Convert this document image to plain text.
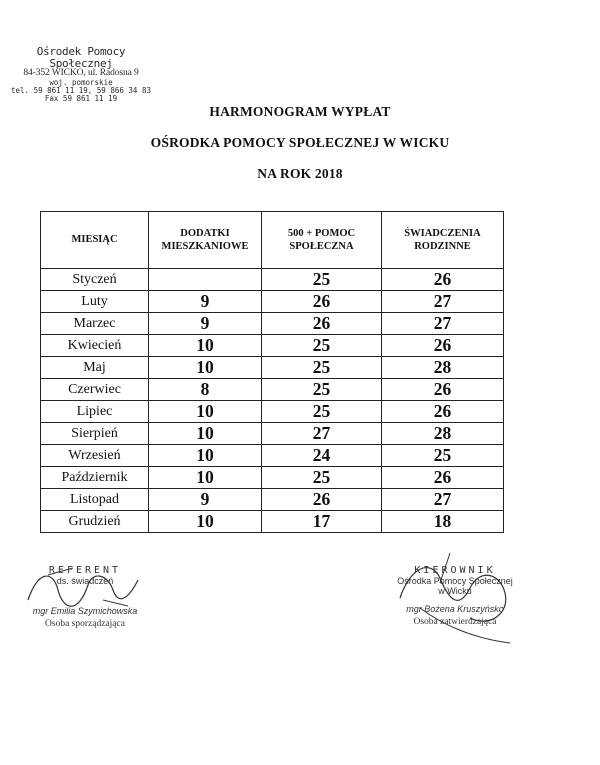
Ośrodek Pomocy Społecznej
84-352 WICKO, ul. Radosna 9
woj. pomorskie
tel. 59 861 11 19, 59 866 34 83
Fax 59 861 11 19
HARMONOGRAM WYPŁAT
OŚRODKA POMOCY SPOŁECZNEJ W WICKU
NA ROK 2018
MIESIĄC	DODATKI MIESZKANIOWE	500 + POMOC SPOŁECZNA	ŚWIADCZENIA RODZINNE
Styczeń		25	26
Luty	9	26	27
Marzec	9	26	27
Kwiecień	10	25	26
Maj	10	25	28
Czerwiec	8	25	26
Lipiec	10	25	26
Sierpień	10	27	28
Wrzesień	10	24	25
Październik	10	25	26
Listopad	9	26	27
Grudzień	10	17	18
REFERENT
ds. świadczeń
mgr Emilia Szymichowska
Osoba sporządzająca
KIEROWNIK
Ośrodka Pomocy Społecznej
w Wicku
mgr Bożena Kruszyńsko
Osoba zatwierdzająca
